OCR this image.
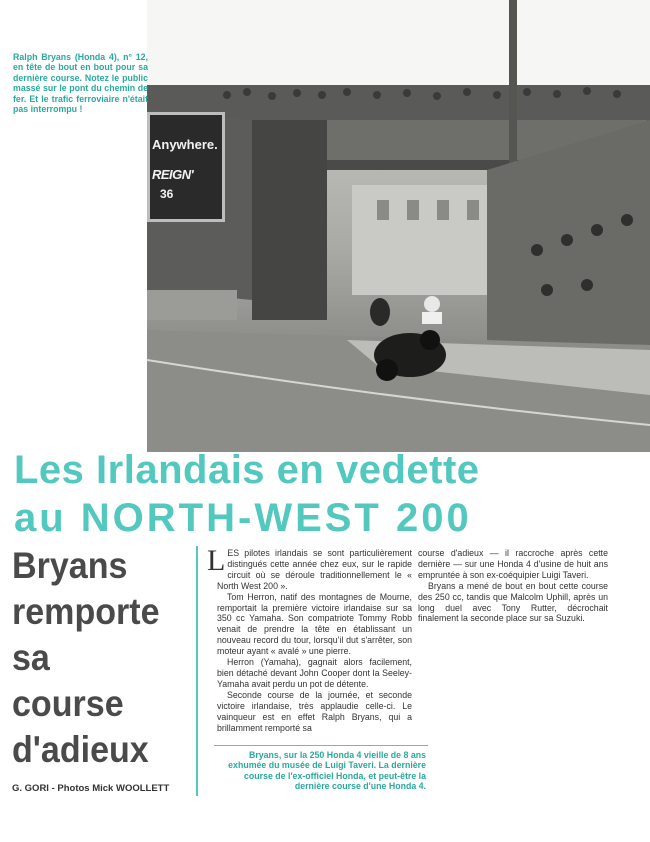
Anywhere.
REIGN'
36
Ralph Bryans (Honda 4), n° 12, en tête de bout en bout pour sa dernière course. Notez le public massé sur le pont du chemin de fer. Et le trafic ferroviaire n'était pas interrompu !
Les Irlandais en vedette
au NORTH-WEST 200
Bryans
remporte
sa
course
d'adieux
G. GORI - Photos Mick WOOLLETT

LES pilotes irlandais se sont particulièrement distingués cette année chez eux, sur le rapide circuit où se déroule traditionnellement le « North West 200 ».

Tom Herron, natif des montagnes de Mourne, remportait la première victoire irlandaise sur sa 350 cc Yamaha. Son compatriote Tommy Robb venait de prendre la tête en établissant un nouveau record du tour, lorsqu'il dut s'arrêter, son moteur ayant « avalé » une pierre.

Herron (Yamaha), gagnait alors facilement, bien détaché devant John Cooper dont la Seeley-Yamaha avait perdu un pot de détente.

Seconde course de la journée, et seconde victoire irlandaise, très applaudie celle-ci. Le vainqueur est en effet Ralph Bryans, qui a brillamment remporté sa

course d'adieux — il raccroche après cette dernière — sur une Honda 4 d'usine de huit ans empruntée à son ex-coéquipier Luigi Taveri.

Bryans a mené de bout en bout cette course des 250 cc, tandis que Malcolm Uphill, après un long duel avec Tony Rutter, décrochait finalement la seconde place sur sa Suzuki.

Bryans, sur la 250 Honda 4 vieille de 8 ans exhumée du musée de Luigi Taveri. La dernière course de l'ex-officiel Honda, et peut-être la dernière course d'une Honda 4.
